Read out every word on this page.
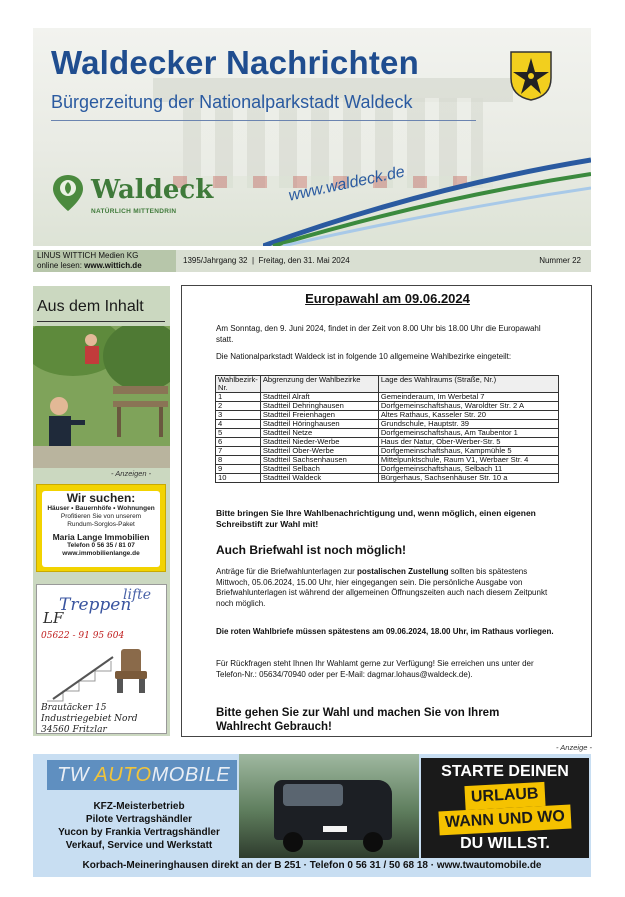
Waldecker Nachrichten
Bürgerzeitung der Nationalparkstadt Waldeck
Waldeck
NATÜRLICH MITTENDRIN
www.waldeck.de
LINUS WITTICH Medien KG
online lesen: www.wittich.de
1395/Jahrgang 32  |  Freitag, den 31. Mai 2024	Nummer 22
Aus dem Inhalt
- Anzeigen -
Wir suchen:
Häuser • Bauernhöfe • Wohnungen
Profitieren Sie von unserem
Rundum-Sorglos-Paket
Maria Lange Immobilien
Telefon 0 56 35 / 81 07
www.immobilienlange.de
lifte
Treppen
LF
05622 - 91 95 604
Brautäcker 15
Industriegebiet Nord
34560 Fritzlar
Europawahl am 09.06.2024
Am Sonntag, den 9. Juni 2024, findet in der Zeit von 8.00 Uhr bis 18.00 Uhr die Europawahl statt.
Die Nationalparkstadt Waldeck ist in folgende 10 allgemeine Wahlbezirke eingeteilt:
Wahlbezirk-Nr.	Abgrenzung der Wahlbezirke	Lage des Wahlraums (Straße, Nr.)
1	Stadtteil Alraft	Gemeinderaum, Im Werbetal 7
2	Stadtteil Dehringhausen	Dorfgemeinschaftshaus, Waroldter Str. 2 A
3	Stadtteil Freienhagen	Altes Rathaus, Kasseler Str. 20
4	Stadtteil Höringhausen	Grundschule, Hauptstr. 39
5	Stadtteil Netze	Dorfgemeinschaftshaus, Am Taubentor 1
6	Stadtteil Nieder-Werbe	Haus der Natur, Ober-Werber-Str. 5
7	Stadtteil Ober-Werbe	Dorfgemeinschaftshaus, Kampmühle 5
8	Stadtteil Sachsenhausen	Mittelpunktschule, Raum V1, Werbaer Str. 4
9	Stadtteil Selbach	Dorfgemeinschaftshaus, Selbach 11
10	Stadtteil Waldeck	Bürgerhaus, Sachsenhäuser Str. 10 a
Bitte bringen Sie Ihre Wahlbenachrichtigung und, wenn möglich, einen eigenen Schreibstift zur Wahl mit!
Auch Briefwahl ist noch möglich!
Anträge für die Briefwahlunterlagen zur postalischen Zustellung sollten bis spätestens Mittwoch, 05.06.2024, 15.00 Uhr, hier eingegangen sein. Die persönliche Ausgabe von Briefwahlunterlagen ist während der allgemeinen Öffnungszeiten auch nach diesem Zeitpunkt noch möglich.
Die roten Wahlbriefe müssen spätestens am 09.06.2024, 18.00 Uhr, im Rathaus vorliegen.
Für Rückfragen steht Ihnen Ihr Wahlamt gerne zur Verfügung! Sie erreichen uns unter der Telefon-Nr.: 05634/70940 oder per E-Mail: dagmar.lohaus@waldeck.de).
Bitte gehen Sie zur Wahl und machen Sie von Ihrem Wahlrecht Gebrauch!
- Anzeige -
TW AUTOMOBILE
KFZ-Meisterbetrieb
Pilote Vertragshändler
Yucon by Frankia Vertragshändler
Verkauf, Service und Werkstatt
STARTE DEINEN
URLAUB
WANN UND WO
DU WILLST.
Korbach-Meineringhausen direkt an der B 251 · Telefon 0 56 31 / 50 68 18 · www.twautomobile.de
